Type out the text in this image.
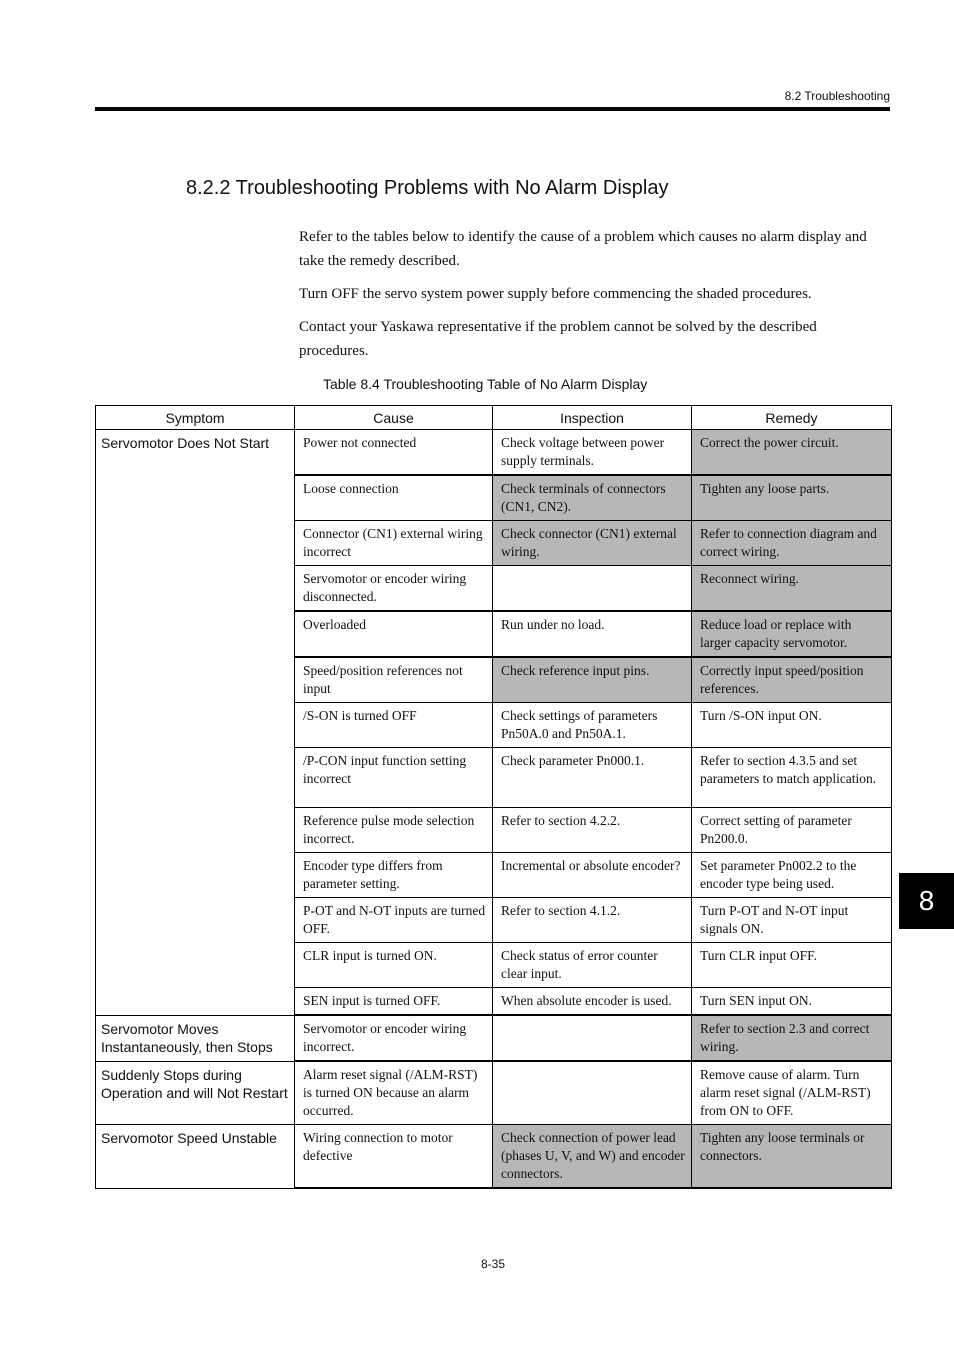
8.2 Troubleshooting
8.2.2 Troubleshooting Problems with No Alarm Display

Refer to the tables below to identify the cause of a problem which causes no alarm display and take the remedy described.

Turn OFF the servo system power supply before commencing the shaded procedures.

Contact your Yaskawa representative if the problem cannot be solved by the described procedures.

Table 8.4 Troubleshooting Table of No Alarm Display
Symptom	Cause	Inspection	Remedy
Servomotor Does Not Start	Power not connected	Check voltage between power supply terminals.	Correct the power circuit.
	Loose connection	Check terminals of connectors (CN1, CN2).	Tighten any loose parts.
	Connector (CN1) external wiring incorrect	Check connector (CN1) external wiring.	Refer to connection diagram and correct wiring.
	Servomotor or encoder wiring disconnected.		Reconnect wiring.
	Overloaded	Run under no load.	Reduce load or replace with larger capacity servomotor.
	Speed/position references not input	Check reference input pins.	Correctly input speed/position references.
	/S-ON is turned OFF	Check settings of parameters Pn50A.0 and Pn50A.1.	Turn /S-ON input ON.
	/P-CON input function setting incorrect	Check parameter Pn000.1.	Refer to section 4.3.5 and set parameters to match application.
	Reference pulse mode selection incorrect.	Refer to section 4.2.2.	Correct setting of parameter Pn200.0.
	Encoder type differs from parameter setting.	Incremental or absolute encoder?	Set parameter Pn002.2 to the encoder type being used.
	P-OT and N-OT inputs are turned OFF.	Refer to section 4.1.2.	Turn P-OT and N-OT input signals ON.
	CLR input is turned ON.	Check status of error counter clear input.	Turn CLR input OFF.
	SEN input is turned OFF.	When absolute encoder is used.	Turn SEN input ON.
Servomotor Moves Instantaneously, then Stops	Servomotor or encoder wiring incorrect.		Refer to section 2.3 and correct wiring.
Suddenly Stops during Operation and will Not Restart	Alarm reset signal (/ALM-RST) is turned ON because an alarm occurred.		Remove cause of alarm. Turn alarm reset signal (/ALM-RST) from ON to OFF.
Servomotor Speed Unstable	Wiring connection to motor defective	Check connection of power lead (phases U, V, and W) and encoder connectors.	Tighten any loose terminals or connectors.
8
8-35
